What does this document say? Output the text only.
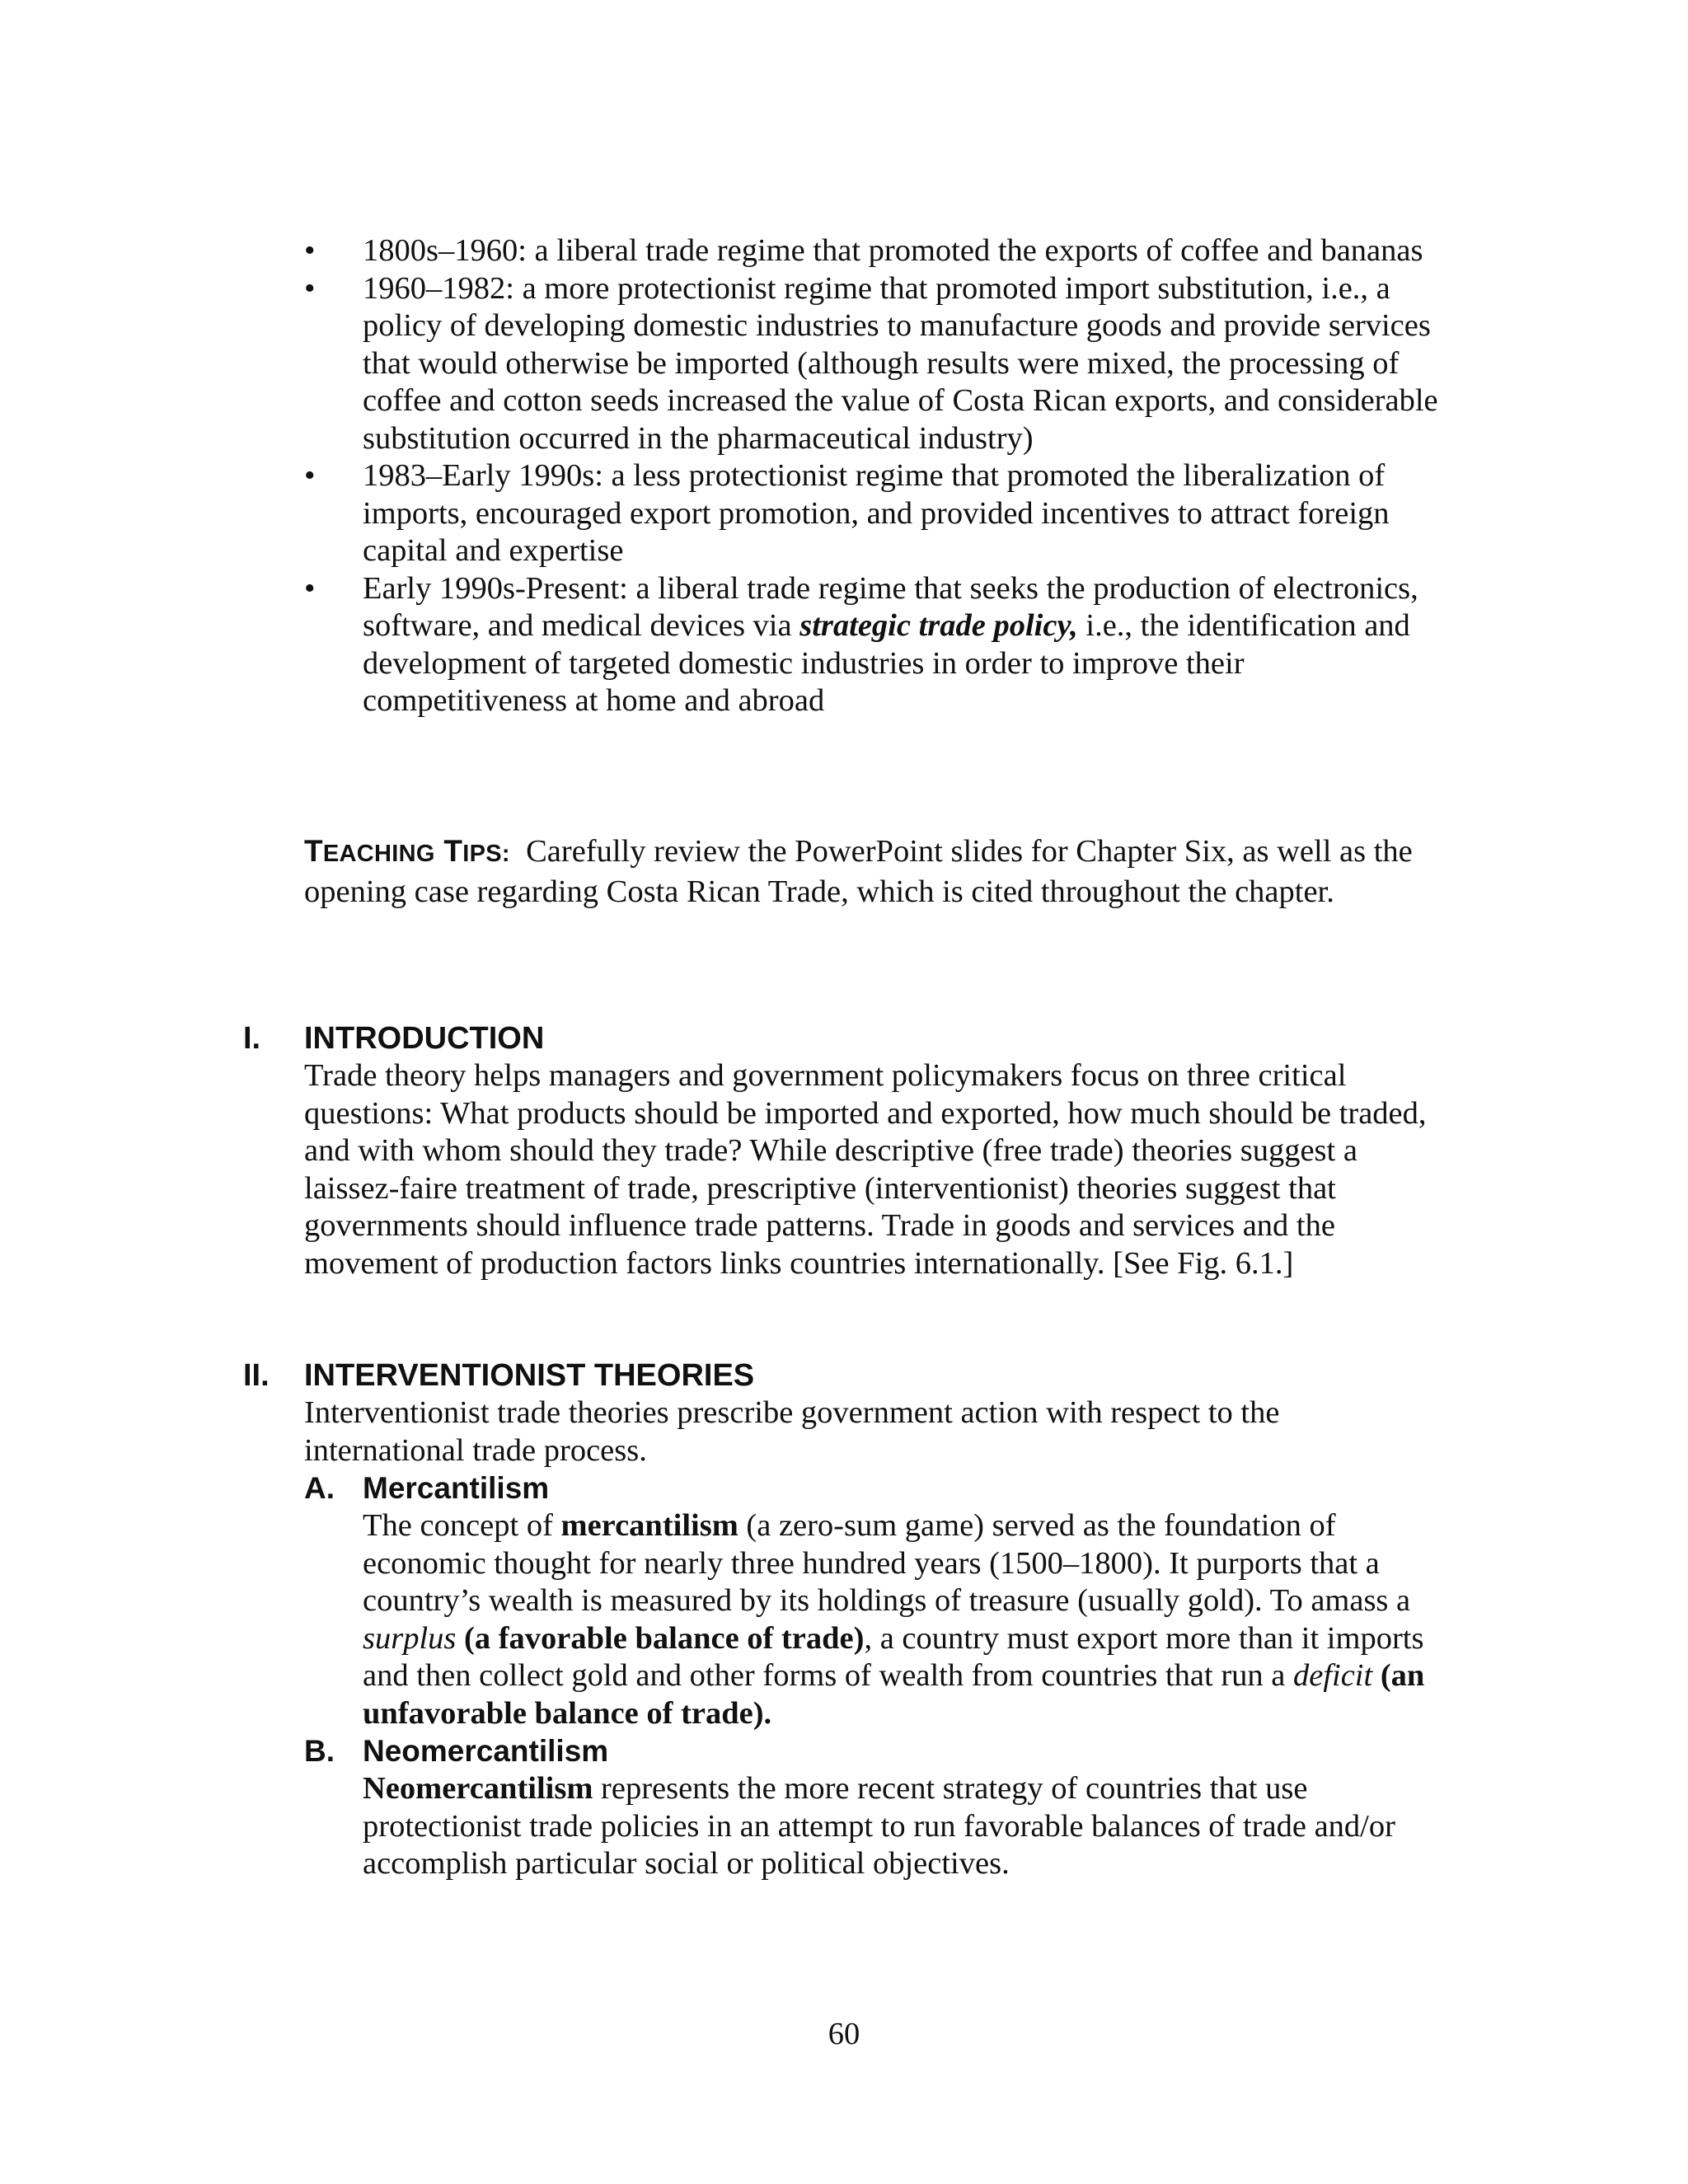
•	1800s–1960: a liberal trade regime that promoted the exports of coffee and bananas
•	1960–1982: a more protectionist regime that promoted import substitution, i.e., a policy of developing domestic industries to manufacture goods and provide services that would otherwise be imported (although results were mixed, the processing of coffee and cotton seeds increased the value of Costa Rican exports, and considerable substitution occurred in the pharmaceutical industry)
•	1983–Early 1990s: a less protectionist regime that promoted the liberalization of imports, encouraged export promotion, and provided incentives to attract foreign capital and expertise
•	Early 1990s-Present: a liberal trade regime that seeks the production of electronics, software, and medical devices via strategic trade policy, i.e., the identification and development of targeted domestic industries in order to improve their competitiveness at home and abroad

TEACHING TIPS: Carefully review the PowerPoint slides for Chapter Six, as well as the opening case regarding Costa Rican Trade, which is cited throughout the chapter.

I. INTRODUCTION

Trade theory helps managers and government policymakers focus on three critical questions: What products should be imported and exported, how much should be traded, and with whom should they trade? While descriptive (free trade) theories suggest a laissez-faire treatment of trade, prescriptive (interventionist) theories suggest that governments should influence trade patterns. Trade in goods and services and the movement of production factors links countries internationally. [See Fig. 6.1.]

II. INTERVENTIONIST THEORIES

Interventionist trade theories prescribe government action with respect to the international trade process.

A. Mercantilism

The concept of mercantilism (a zero-sum game) served as the foundation of economic thought for nearly three hundred years (1500–1800). It purports that a country’s wealth is measured by its holdings of treasure (usually gold). To amass a surplus (a favorable balance of trade), a country must export more than it imports and then collect gold and other forms of wealth from countries that run a deficit (an unfavorable balance of trade).

B. Neomercantilism

Neomercantilism represents the more recent strategy of countries that use protectionist trade policies in an attempt to run favorable balances of trade and/or accomplish particular social or political objectives.

60
